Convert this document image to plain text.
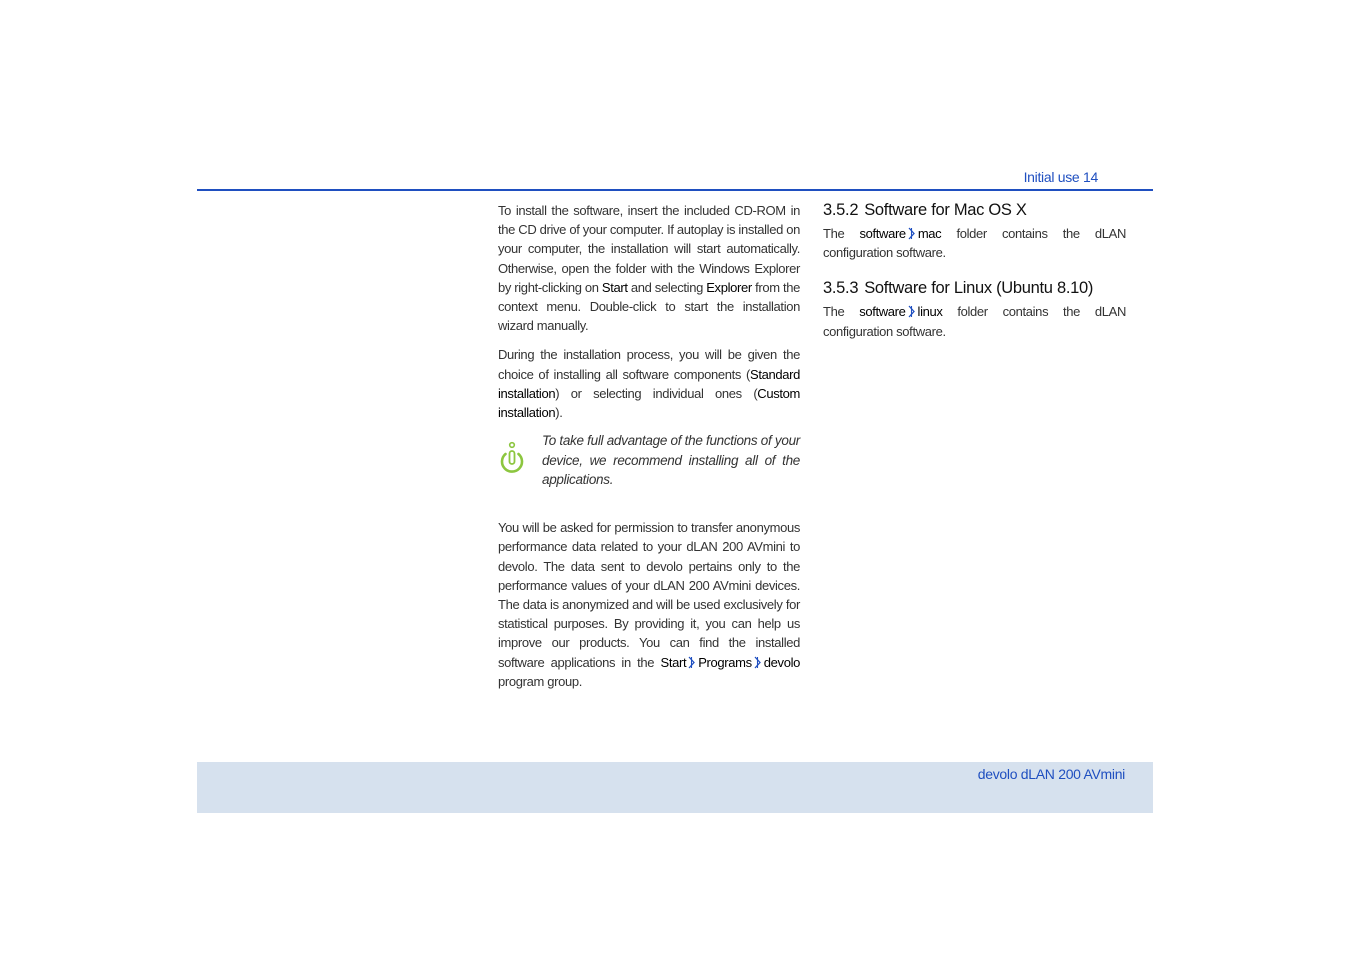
Initial use 14

To install the software, insert the included CD-ROM in the CD drive of your computer. If autoplay is installed on your computer, the installation will start automatically. Otherwise, open the folder with the Windows Explorer by right-clicking on Start and selecting Explorer from the context menu. Double-click to start the installation wizard manually.

During the installation process, you will be given the choice of installing all software components (Standard installation) or selecting individual ones (Custom installation).

To take full advantage of the functions of your device, we recommend installing all of the applications.

You will be asked for permission to transfer anonymous performance data related to your dLAN 200 AVmini to devolo. The data sent to devolo pertains only to the performance values of your dLAN 200 AVmini devices. The data is anonymized and will be used exclusively for statistical purposes. By providing it, you can help us improve our products. You can find the installed software applications in the Start Programs devolo program group.

3.5.2 Software for Mac OS X

The software mac folder contains the dLAN configuration software.

3.5.3 Software for Linux (Ubuntu 8.10)

The software linux folder contains the dLAN configuration software.

devolo dLAN 200 AVmini
